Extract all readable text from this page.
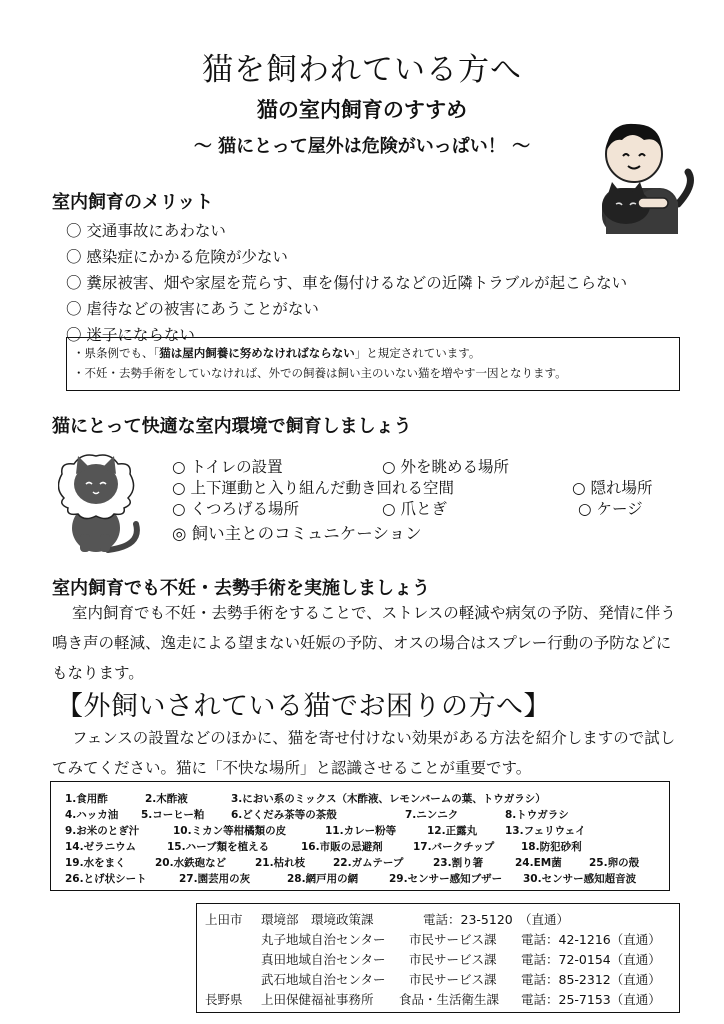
猫を飼われている方へ
猫の室内飼育のすすめ
～ 猫にとって屋外は危険がいっぱい！ ～
室内飼育のメリット
〇 交通事故にあわない
〇 感染症にかかる危険が少ない
〇 糞尿被害、畑や家屋を荒らす、車を傷付けるなどの近隣トラブルが起こらない
〇 虐待などの被害にあうことがない
〇 迷子にならない
・県条例でも、「猫は屋内飼養に努めなければならない」と規定されています。
・不妊・去勢手術をしていなければ、外での飼養は飼い主のいない猫を増やす一因となります。
猫にとって快適な室内環境で飼育しましょう
○ トイレの設置	○ 外を眺める場所
○ 上下運動と入り組んだ動き回れる空間	○ 隠れ場所
○ くつろげる場所	○ 爪とぎ	○ ケージ
◎ 飼い主とのコミュニケーション
室内飼育でも不妊・去勢手術を実施しましょう
室内飼育でも不妊・去勢手術をすることで、ストレスの軽減や病気の予防、発情に伴う鳴き声の軽減、逸走による望まない妊娠の予防、オスの場合はスプレー行動の予防などにもなります。
【外飼いされている猫でお困りの方へ】
フェンスの設置などのほかに、猫を寄せ付けない効果がある方法を紹介しますので試してみてください。猫に「不快な場所」と認識させることが重要です。
1.食用酢	2.木酢液	3.におい系のミックス（木酢液、レモンバームの葉、トウガラシ）
4.ハッカ油 5.コーヒー粕	6.どくだみ茶等の茶殻	7.ニンニク	8.トウガラシ
9.お米のとぎ汁	10.ミカン等柑橘類の皮	11.カレー粉等	12.正露丸	13.フェリウェイ
14.ゼラニウム	15.ハーブ類を植える	16.市販の忌避剤	17.バークチップ	18.防犯砂利
19.水をまく	20.水鉄砲など	21.枯れ枝	22.ガムテープ	23.割り箸	24.EM菌	25.卵の殻
26.とげ状シート	27.園芸用の灰	28.網戸用の網	29.センサー感知ブザー 30.センサー感知超音波
上田市 環境部　環境政策課	電話：23-5120　（直通）
丸子地域自治センター 市民サービス課 電話：42-1216（直通）
真田地域自治センター 市民サービス課 電話：72-0154（直通）
武石地域自治センター 市民サービス課 電話：85-2312（直通）
長野県 上田保健福祉事務所 食品・生活衛生課 電話：25-7153（直通）
